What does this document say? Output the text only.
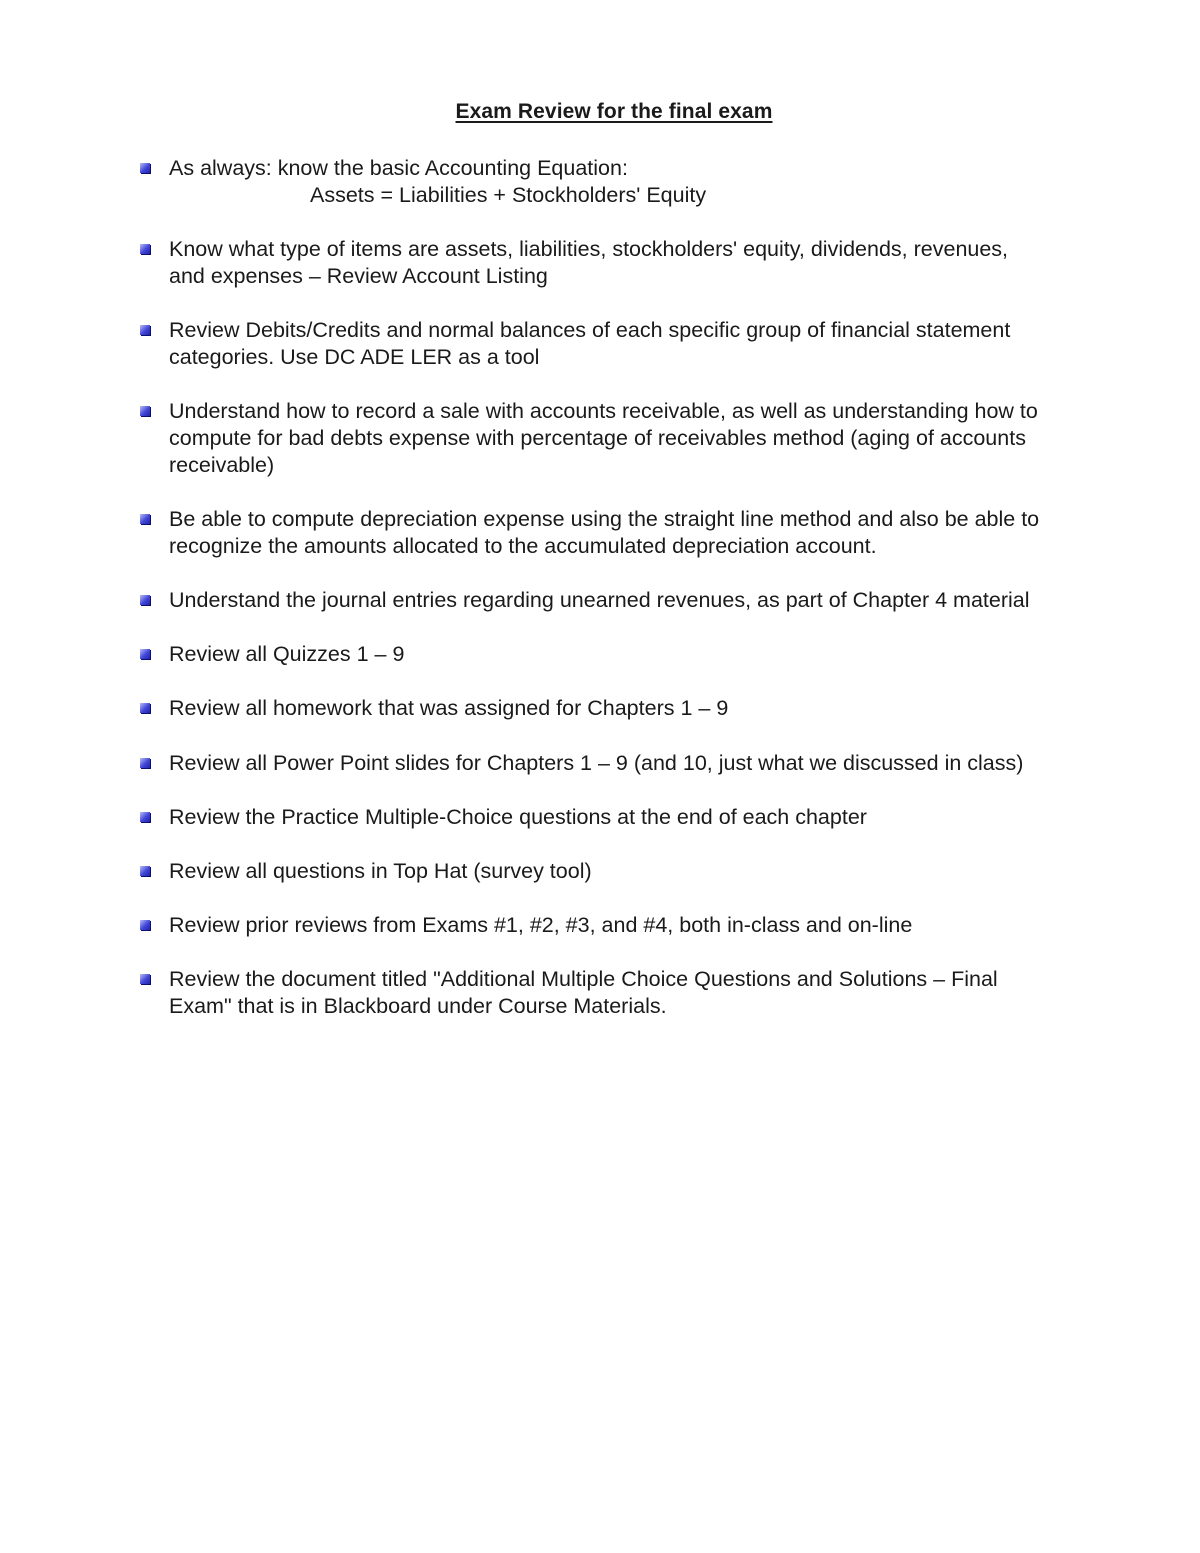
Exam Review for the final exam
As always: know the basic Accounting Equation:
Assets = Liabilities + Stockholders' Equity
Know what type of items are assets, liabilities, stockholders' equity, dividends, revenues,
and expenses – Review Account Listing
Review Debits/Credits and normal balances of each specific group of financial statement
categories. Use DC ADE LER as a tool
Understand how to record a sale with accounts receivable, as well as understanding how to
compute for bad debts expense with percentage of receivables method (aging of accounts
receivable)
Be able to compute depreciation expense using the straight line method and also be able to
recognize the amounts allocated to the accumulated depreciation account.
Understand the journal entries regarding unearned revenues, as part of Chapter 4 material
Review all Quizzes 1 – 9
Review all homework that was assigned for Chapters 1 – 9
Review all Power Point slides for Chapters 1 – 9 (and 10, just what we discussed in class)
Review the Practice Multiple-Choice questions at the end of each chapter
Review all questions in Top Hat (survey tool)
Review prior reviews from Exams #1, #2, #3, and #4, both in-class and on-line
Review the document titled "Additional Multiple Choice Questions and Solutions – Final
Exam" that is in Blackboard under Course Materials.
